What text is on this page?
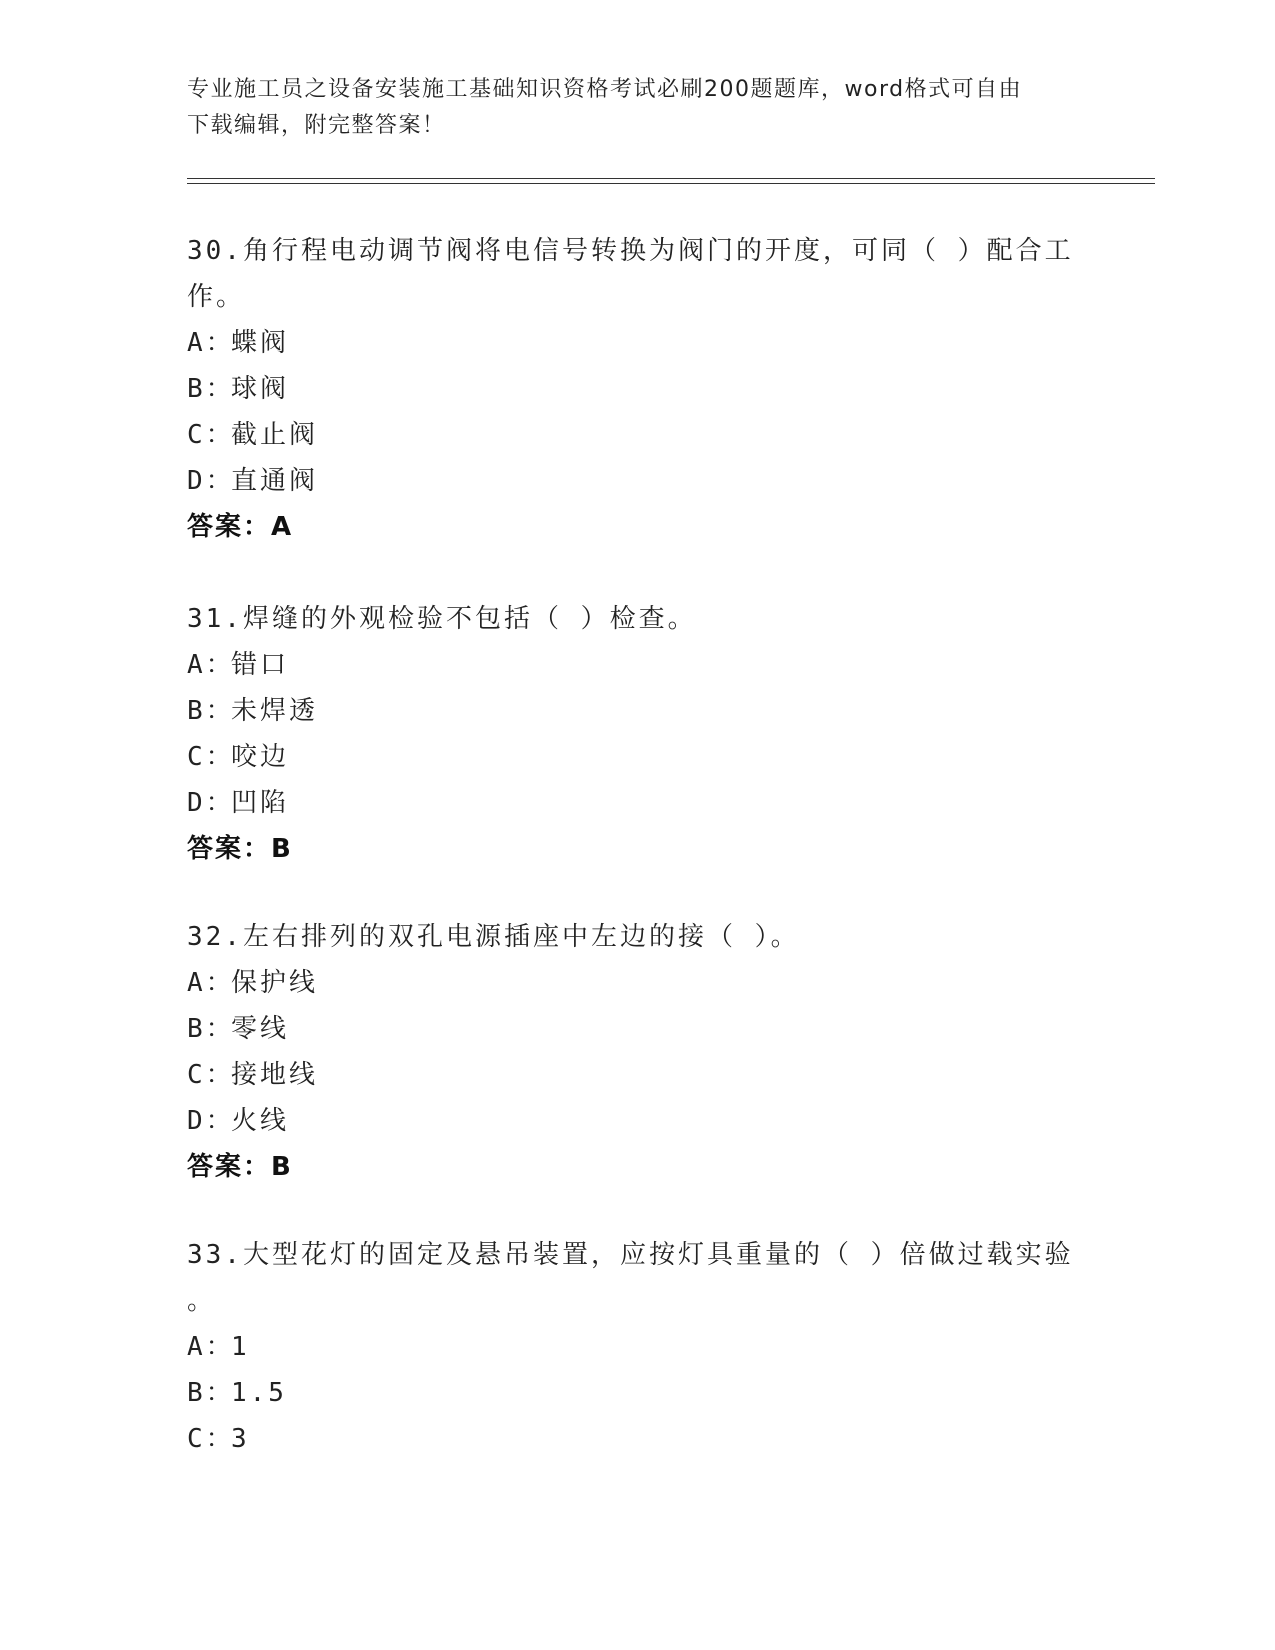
专业施工员之设备安装施工基础知识资格考试必刷200题题库，word格式可自由
下载编辑，附完整答案！
30.角行程电动调节阀将电信号转换为阀门的开度，可同（ ）配合工
作。
A：
蝶阀
B：
球阀
C：
截止阀
D：
直通阀
答案：A
31.焊缝的外观检验不包括（ ）检查。
A：
错口
B：
未焊透
C：
咬边
D：
凹陷
答案：B
32.左右排列的双孔电源插座中左边的接（ ）。
A：
保护线
B：
零线
C：
接地线
D：
火线
答案：B
33.大型花灯的固定及悬吊装置，应按灯具重量的（ ）倍做过载实验
。
A：
1
B：
1.5
C：
3
